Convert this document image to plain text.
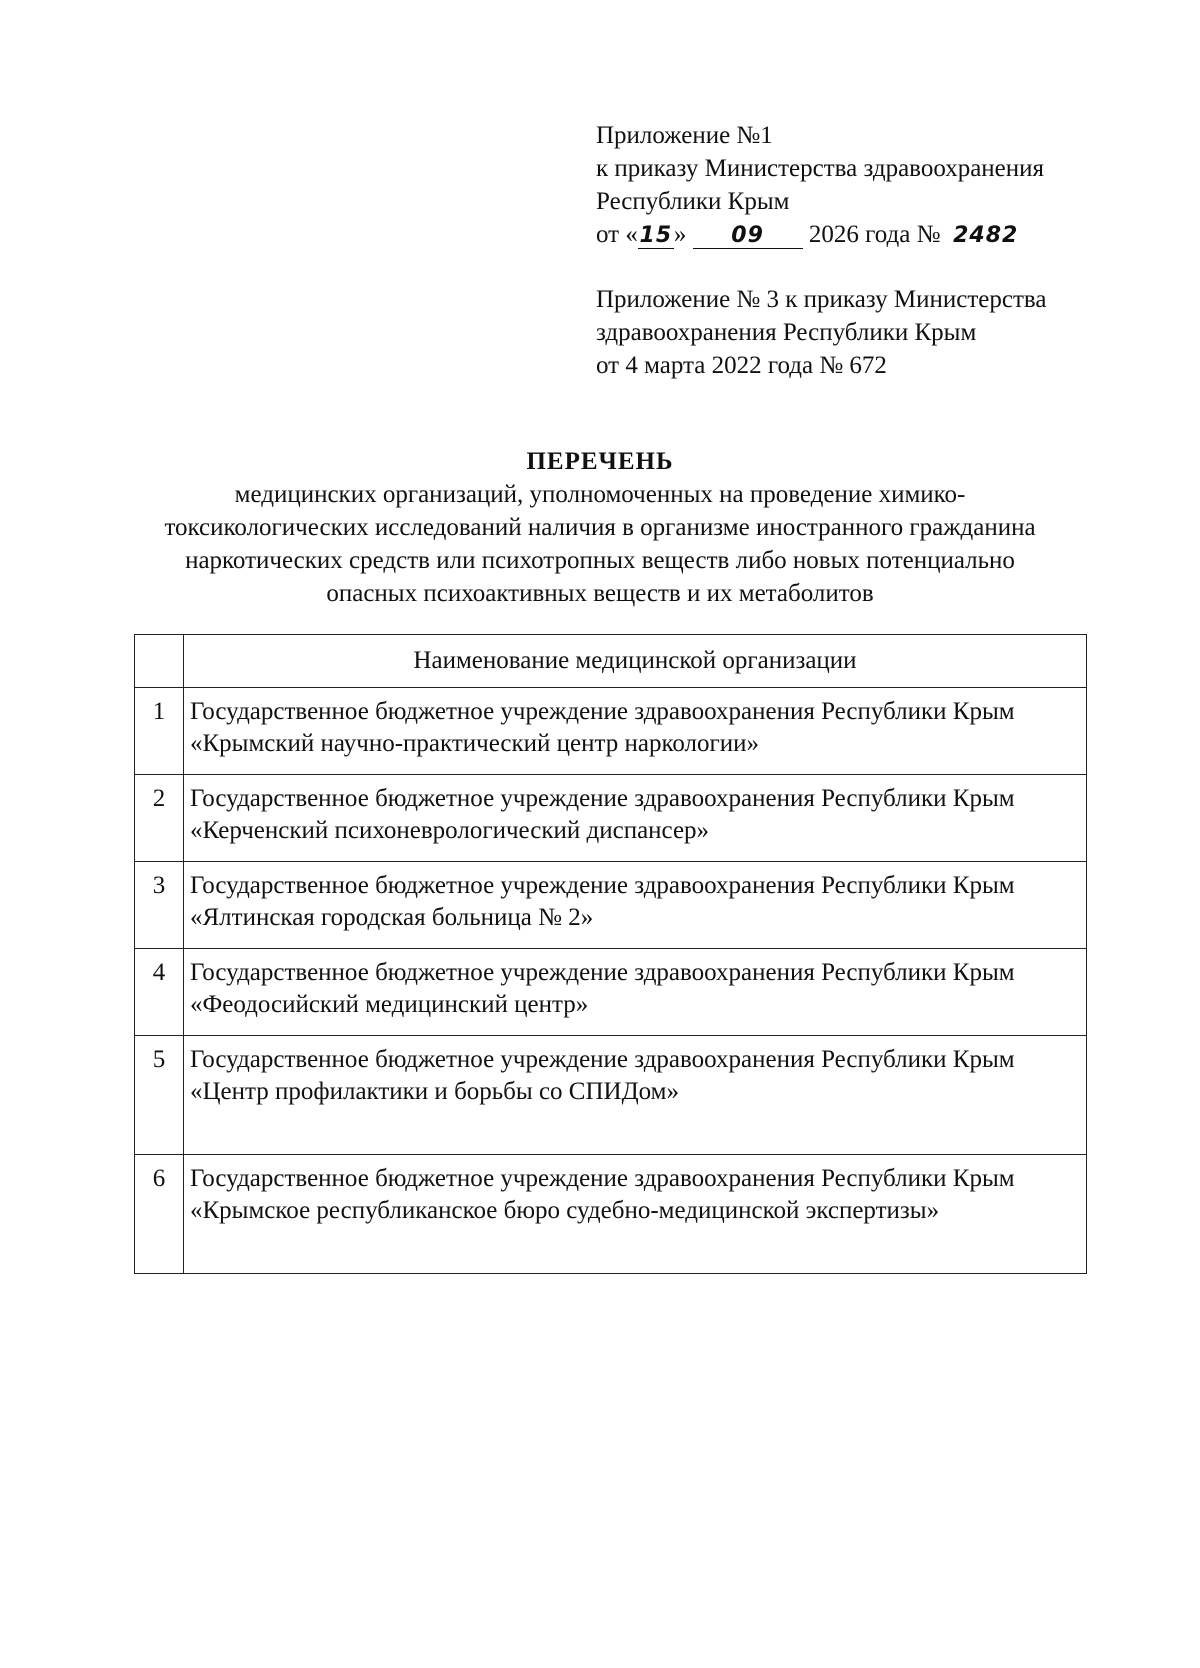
Приложение №1
к приказу Министерства здравоохранения
Республики Крым
от «15» 09 2026 года № 2482
Приложение № 3 к приказу Министерства
здравоохранения Республики Крым
от 4 марта 2022 года № 672
ПЕРЕЧЕНЬ
медицинских организаций, уполномоченных на проведение химико-токсикологических исследований наличия в организме иностранного гражданина наркотических средств или психотропных веществ либо новых потенциально опасных психоактивных веществ и их метаболитов
	Наименование медицинской организации
1	Государственное бюджетное учреждение здравоохранения Республики Крым «Крымский научно-практический центр наркологии»
2	Государственное бюджетное учреждение здравоохранения Республики Крым «Керченский психоневрологический диспансер»
3	Государственное бюджетное учреждение здравоохранения Республики Крым «Ялтинская городская больница № 2»
4	Государственное бюджетное учреждение здравоохранения Республики Крым «Феодосийский медицинский центр»
5	Государственное бюджетное учреждение здравоохранения Республики Крым
«Центр профилактики и борьбы со СПИДом»

6	Государственное бюджетное учреждение здравоохранения Республики Крым «Крымское республиканское бюро судебно-медицинской экспертизы»
